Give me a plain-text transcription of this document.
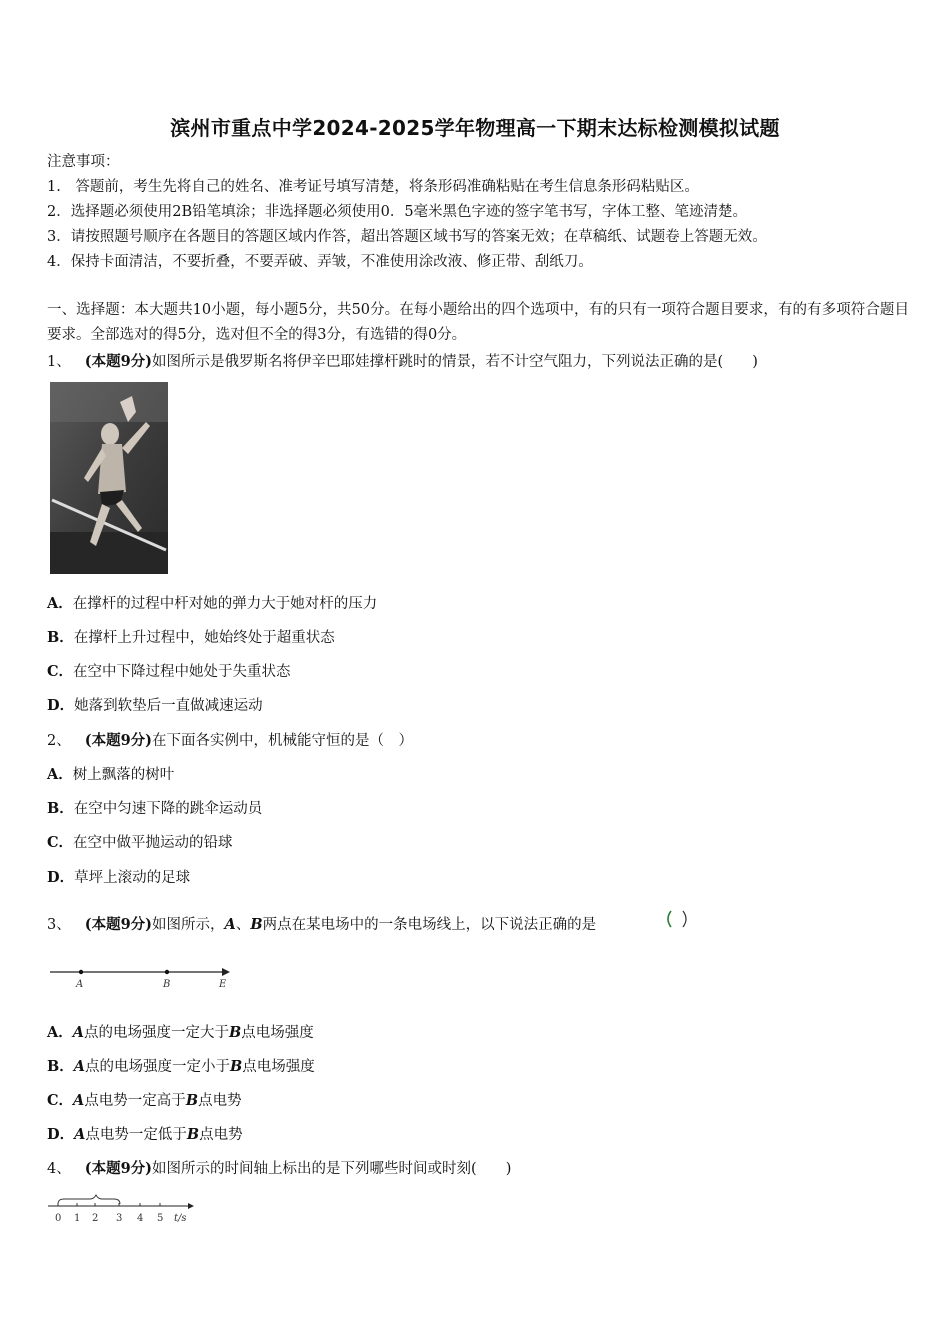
滨州市重点中学2024-2025学年物理高一下期末达标检测模拟试题
注意事项：
1.　答题前，考生先将自己的姓名、准考证号填写清楚，将条形码准确粘贴在考生信息条形码粘贴区。
2．选择题必须使用2B铅笔填涂；非选择题必须使用0．5毫米黑色字迹的签字笔书写，字体工整、笔迹清楚。
3．请按照题号顺序在各题目的答题区域内作答，超出答题区域书写的答案无效；在草稿纸、试题卷上答题无效。
4．保持卡面清洁，不要折叠，不要弄破、弄皱，不准使用涂改液、修正带、刮纸刀。
一、选择题：本大题共10小题，每小题5分，共50分。在每小题给出的四个选项中，有的只有一项符合题目要求，有的有多项符合题目要求。全部选对的得5分，选对但不全的得3分，有选错的得0分。
1、 (本题9分)如图所示是俄罗斯名将伊辛巴耶娃撑杆跳时的情景，若不计空气阻力，下列说法正确的是(　　)
A．在撑杆的过程中杆对她的弹力大于她对杆的压力
B．在撑杆上升过程中，她始终处于超重状态
C．在空中下降过程中她处于失重状态
D．她落到软垫后一直做减速运动
2、 (本题9分)在下面各实例中，机械能守恒的是（　）
A．树上飘落的树叶
B．在空中匀速下降的跳伞运动员
C．在空中做平抛运动的铅球
D．草坪上滚动的足球
3、 (本题9分)如图所示，A、B两点在某电场中的一条电场线上，以下说法正确的是
A	B	E
A．A点的电场强度一定大于B点电场强度
B．A点的电场强度一定小于B点电场强度
C．A点电势一定高于B点电势
D．A点电势一定低于B点电势
4、 (本题9分)如图所示的时间轴上标出的是下列哪些时间或时刻(　　)
0 1 2 3 4 5 t/s
